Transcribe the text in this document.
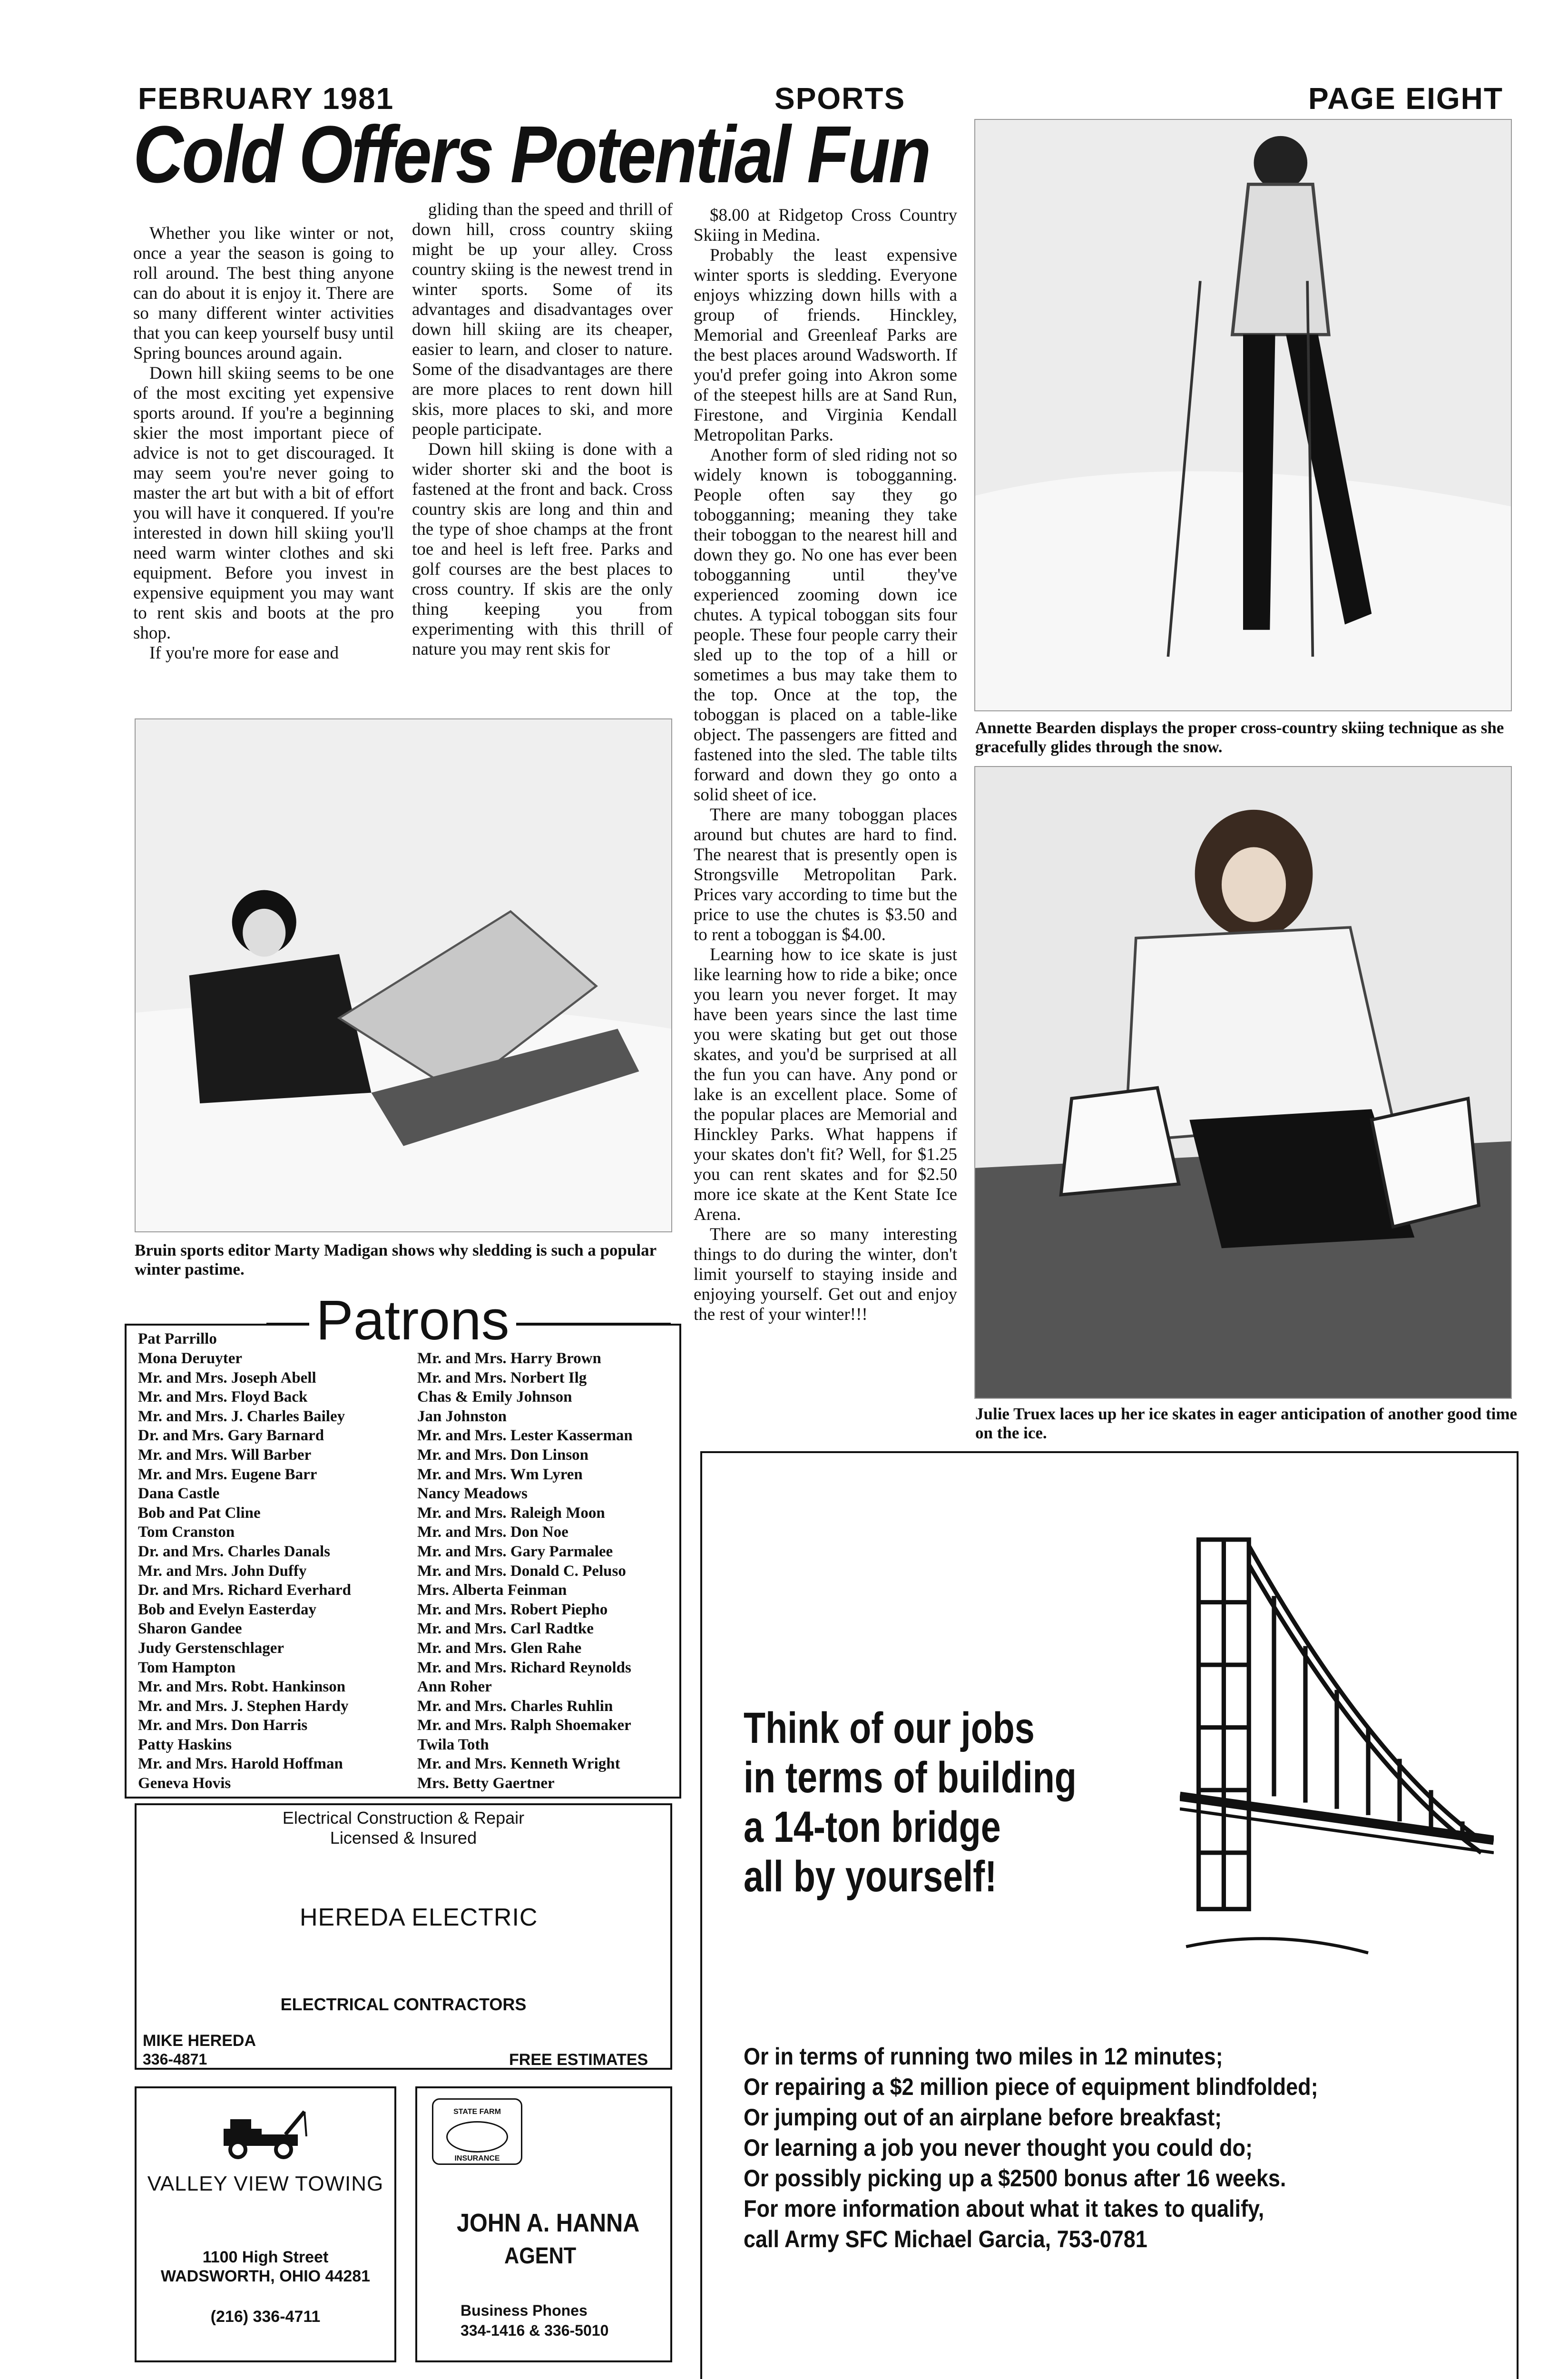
FEBRUARY 1981	SPORTS	PAGE EIGHT
Cold Offers Potential Fun

Whether you like winter or not, once a year the season is going to roll around. The best thing anyone can do about it is enjoy it. There are so many different winter activities that you can keep yourself busy until Spring bounces around again.

Down hill skiing seems to be one of the most exciting yet expensive sports around. If you're a beginning skier the most important piece of advice is not to get discouraged. It may seem you're never going to master the art but with a bit of effort you will have it conquered. If you're interested in down hill skiing you'll need warm winter clothes and ski equipment. Before you invest in expensive equipment you may want to rent skis and boots at the pro shop.

If you're more for ease and

gliding than the speed and thrill of down hill, cross country skiing might be up your alley. Cross country skiing is the newest trend in winter sports. Some of its advantages and disadvantages over down hill skiing are its cheaper, easier to learn, and closer to nature. Some of the disadvantages are there are more places to rent down hill skis, more places to ski, and more people participate.

Down hill skiing is done with a wider shorter ski and the boot is fastened at the front and back. Cross country skis are long and thin and the type of shoe champs at the front toe and heel is left free. Parks and golf courses are the best places to cross country. If skis are the only thing keeping you from experimenting with this thrill of nature you may rent skis for

$8.00 at Ridgetop Cross Country Skiing in Medina.

Probably the least expensive winter sports is sledding. Everyone enjoys whizzing down hills with a group of friends. Hinckley, Memorial and Greenleaf Parks are the best places around Wadsworth. If you'd prefer going into Akron some of the steepest hills are at Sand Run, Firestone, and Virginia Kendall Metropolitan Parks.

Another form of sled riding not so widely known is tobogganning. People often say they go tobogganning; meaning they take their toboggan to the nearest hill and down they go. No one has ever been tobogganning until they've experienced zooming down ice chutes. A typical toboggan sits four people. These four people carry their sled up to the top of a hill or sometimes a bus may take them to the top. Once at the top, the toboggan is placed on a table-like object. The passengers are fitted and fastened into the sled. The table tilts forward and down they go onto a solid sheet of ice.

There are many toboggan places around but chutes are hard to find. The nearest that is presently open is Strongsville Metropolitan Park. Prices vary according to time but the price to use the chutes is $3.50 and to rent a toboggan is $4.00.

Learning how to ice skate is just like learning how to ride a bike; once you learn you never forget. It may have been years since the last time you were skating but get out those skates, and you'd be surprised at all the fun you can have. Any pond or lake is an excellent place. Some of the popular places are Memorial and Hinckley Parks. What happens if your skates don't fit? Well, for $1.25 you can rent skates and for $2.50 more ice skate at the Kent State Ice Arena.

There are so many interesting things to do during the winter, don't limit yourself to staying inside and enjoying yourself. Get out and enjoy the rest of your winter!!!

Annette Bearden displays the proper cross-country skiing technique as she gracefully glides through the snow.
Julie Truex laces up her ice skates in eager anticipation of another good time on the ice.
Bruin sports editor Marty Madigan shows why sledding is such a popular winter pastime.
Patrons
Pat Parrillo
Mona Deruyter
Mr. and Mrs. Joseph Abell
Mr. and Mrs. Floyd Back
Mr. and Mrs. J. Charles Bailey
Dr. and Mrs. Gary Barnard
Mr. and Mrs. Will Barber
Mr. and Mrs. Eugene Barr
Dana Castle
Bob and Pat Cline
Tom Cranston
Dr. and Mrs. Charles Danals
Mr. and Mrs. John Duffy
Dr. and Mrs. Richard Everhard
Bob and Evelyn Easterday
Sharon Gandee
Judy Gerstenschlager
Tom Hampton
Mr. and Mrs. Robt. Hankinson
Mr. and Mrs. J. Stephen Hardy
Mr. and Mrs. Don Harris
Patty Haskins
Mr. and Mrs. Harold Hoffman
Geneva Hovis
Mr. and Mrs. Harry Brown
Mr. and Mrs. Norbert Ilg
Chas & Emily Johnson
Jan Johnston
Mr. and Mrs. Lester Kasserman
Mr. and Mrs. Don Linson
Mr. and Mrs. Wm Lyren
Nancy Meadows
Mr. and Mrs. Raleigh Moon
Mr. and Mrs. Don Noe
Mr. and Mrs. Gary Parmalee
Mr. and Mrs. Donald C. Peluso
Mrs. Alberta Feinman
Mr. and Mrs. Robert Piepho
Mr. and Mrs. Carl Radtke
Mr. and Mrs. Glen Rahe
Mr. and Mrs. Richard Reynolds
Ann Roher
Mr. and Mrs. Charles Ruhlin
Mr. and Mrs. Ralph Shoemaker
Twila Toth
Mr. and Mrs. Kenneth Wright
Mrs. Betty Gaertner
Electrical Construction & Repair
Licensed & Insured
HEREDA ELECTRIC
ELECTRICAL CONTRACTORS
MIKE HEREDA
336-4871	FREE ESTIMATES
VALLEY VIEW TOWING
1100 High Street
WADSWORTH, OHIO 44281
(216) 336-4711
STATE FARM
INSURANCE
JOHN A. HANNA
AGENT
Business Phones
334-1416 & 336-5010
Think of our jobs
in terms of building
a 14-ton bridge
all by yourself!
Or in terms of running two miles in 12 minutes;
Or repairing a $2 million piece of equipment blindfolded;
Or jumping out of an airplane before breakfast;
Or learning a job you never thought you could do;
Or possibly picking up a $2500 bonus after 16 weeks.
For more information about what it takes to qualify,
call Army SFC Michael Garcia, 753-0781
